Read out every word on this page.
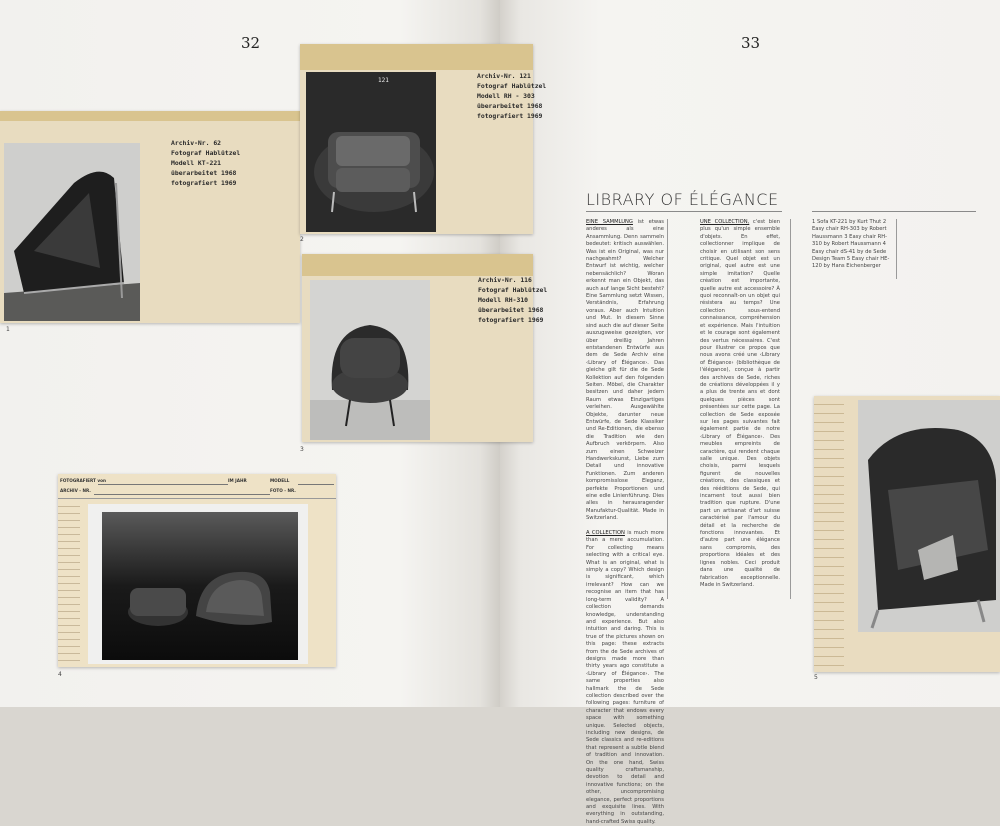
32	33
Archiv-Nr. 62
Fotograf Hablützel
Modell KT-221
überarbeitet 1968
fotografiert 1969
1
121
Archiv-Nr. 121
Fotograf Hablützel
Modell RH - 303
überarbeitet 1968
fotografiert 1969
2
Archiv-Nr. 116
Fotograf Hablützel
Modell RH-310
überarbeitet 1968
fotografiert 1969
3
FOTOGRAFIERT von	IM JAHR	MODELL
ARCHIV - NR.	FOTO - NR.
4
LIBRARY OF ÉLÉGANCE

EINE SAMMLUNG ist etwas anderes als eine Ansammlung. Denn sammeln bedeutet: kritisch auswählen. Was ist ein Original, was nur nachgeahmt? Welcher Entwurf ist wichtig, welcher nebensächlich? Woran erkennt man ein Objekt, das auch auf lange Sicht besteht? Eine Sammlung setzt Wissen, Verständnis, Erfahrung voraus. Aber auch Intuition und Mut. In diesem Sinne sind auch die auf dieser Seite auszugsweise gezeigten, vor über dreißig Jahren entstandenen Entwürfe aus dem de Sede Archiv eine ‹Library of Élégance›. Das gleiche gilt für die de Sede Kollektion auf den folgenden Seiten. Möbel, die Charakter besitzen und daher jedem Raum etwas Einzigartiges verleihen. Ausgewählte Objekte, darunter neue Entwürfe, de Sede Klassiker und Re-Editionen, die ebenso die Tradition wie den Aufbruch verkörpern. Also zum einen Schweizer Handwerkskunst, Liebe zum Detail und innovative Funktionen. Zum anderen kompromisslose Eleganz, perfekte Proportionen und eine edle Linienführung. Dies alles in herausragender Manufaktur-Qualität. Made in Switzerland.

A COLLECTION is much more than a mere accumulation. For collecting means selecting with a critical eye. What is an original, what is simply a copy? Which design is significant, which irrelevant? How can we recognise an item that has long-term validity? A collection demands knowledge, understanding and experience. But also intuition and daring. This is true of the pictures shown on this page: these extracts from the de Sede archives of designs made more than thirty years ago constitute a ‹Library of Élégance›. The same properties also hallmark the de Sede collection described over the following pages: furniture of character that endows every space with something unique. Selected objects, including new designs, de Sede classics and re-editions that represent a subtle blend of tradition and innovation. On the one hand, Swiss quality craftsmanship, devotion to detail and innovative functions; on the other, uncompromising elegance, perfect proportions and exquisite lines. With everything in outstanding, hand-crafted Swiss quality.

UNE COLLECTION, c'est bien plus qu'un simple ensemble d'objets. En effet, collectionner implique de choisir en utilisant son sens critique. Quel objet est un original, quel autre est une simple imitation? Quelle création est importante, quelle autre est accessoire? À quoi reconnaît-on un objet qui résistera au temps? Une collection sous-entend connaissance, compréhension et expérience. Mais l'intuition et le courage sont également des vertus nécessaires. C'est pour illustrer ce propos que nous avons créé une ‹Library of Élégance› (bibliothèque de l'élégance), conçue à partir des archives de Sede, riches de créations développées il y a plus de trente ans et dont quelques pièces sont présentées sur cette page. La collection de Sede exposée sur les pages suivantes fait également partie de notre ‹Library of Élégance›. Des meubles empreints de caractère, qui rendent chaque salle unique. Des objets choisis, parmi lesquels figurent de nouvelles créations, des classiques et des rééditions de Sede, qui incarnent tout aussi bien tradition que rupture. D'une part un artisanat d'art suisse caractérisé par l'amour du détail et la recherche de fonctions innovantes. Et d'autre part une élégance sans compromis, des proportions idéales et des lignes nobles. Ceci produit dans une qualité de fabrication exceptionnelle. Made in Switzerland.

1 Sofa KT-221 by Kurt Thut 2 Easy chair RH-303 by Robert Haussmann 3 Easy chair RH-310 by Robert Haussmann 4 Easy chair dS-41 by de Sede Design Team 5 Easy chair HE-120 by Hans Eichenberger
5
